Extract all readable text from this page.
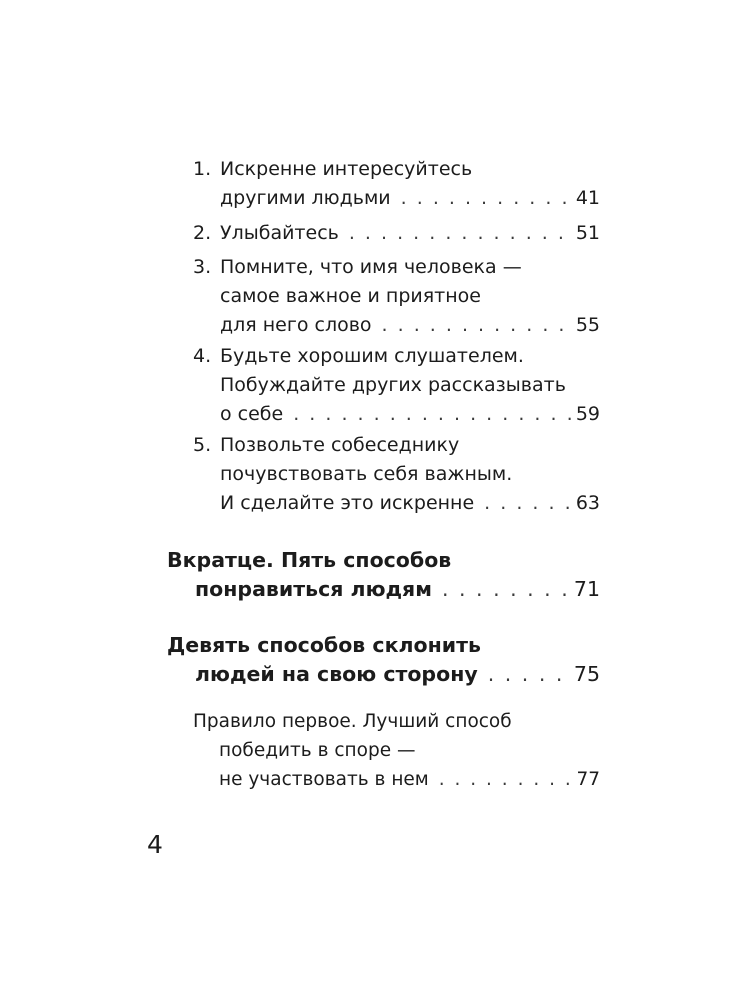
1. Искренне интересуйтесь
другими людьми . . .	41
2. Улыбайтесь . . .	51
3. Помните, что имя человека —
самое важное и приятное
для него слово . . .	55
4. Будьте хорошим слушателем.
Побуждайте других рассказывать
о себе . . .	59
5. Позвольте собеседнику
почувствовать себя важным.
И сделайте это искренне . . .	63
Вкратце. Пять способов
понравиться людям . . .	71
Девять способов склонить
людей на свою сторону . . .	75
Правило первое. Лучший способ
победить в споре —
не участвовать в нем . . .	77
4
